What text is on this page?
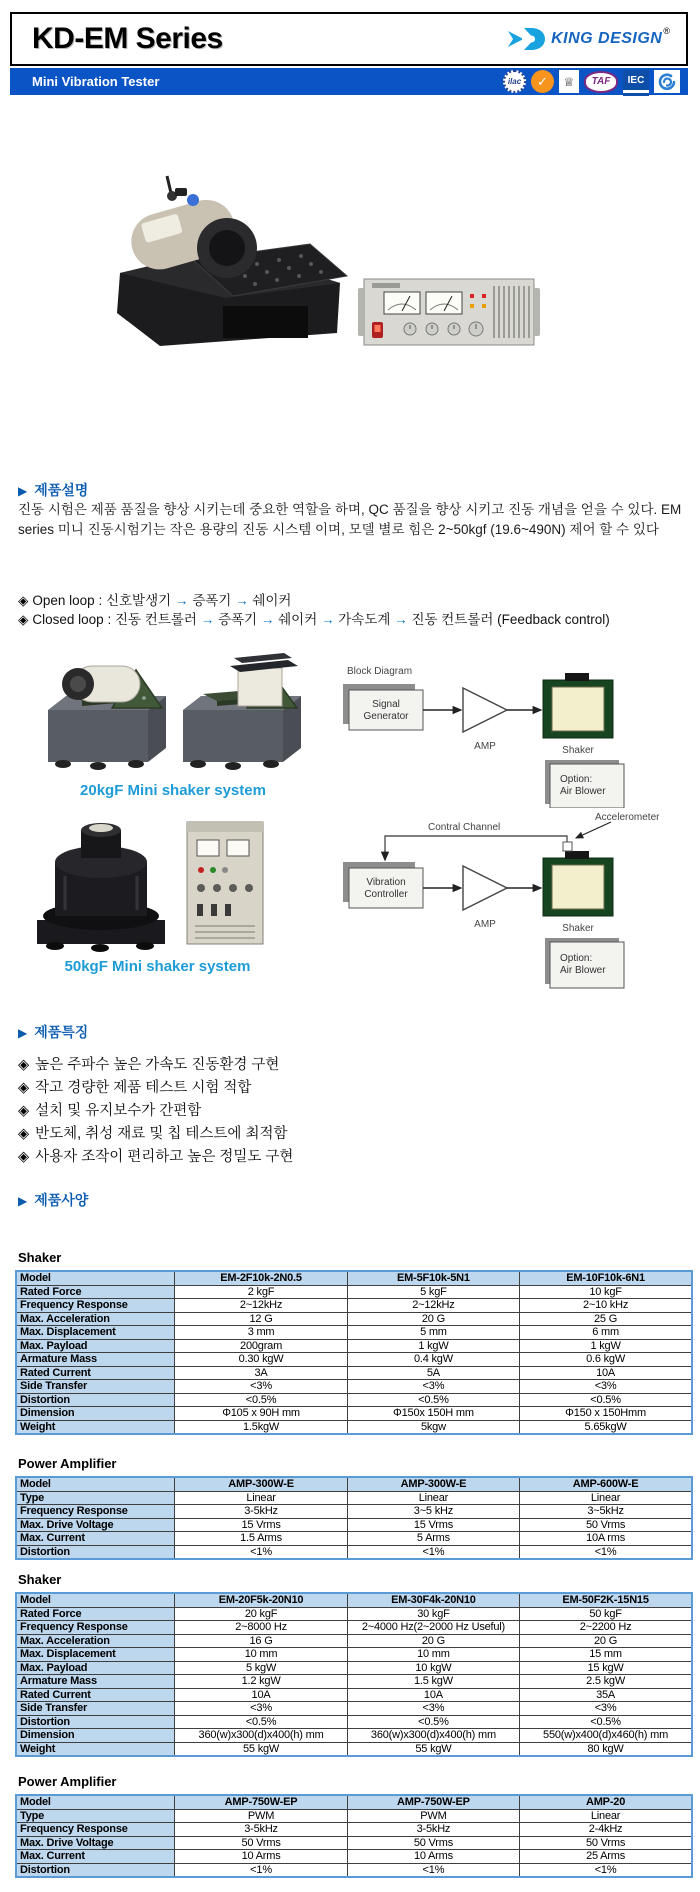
KD-EM Series	KING DESIGN ®
Mini Vibration Tester	ilac	✓	♕	TAF	IEC
▶ 제품설명

진동 시험은 제품 품질을 향상 시키는데 중요한 역할을 하며, QC 품질을 향상 시키고 진동 개념을 얻을 수 있다. EM series 미니 진동시험기는 작은 용량의 진동 시스템 이며, 모델 별로 힘은 2~50kgf (19.6~490N) 제어 할 수 있다

◈ Open loop : 신호발생기 → 증폭기 → 쉐이커
◈ Closed loop : 진동 컨트롤러 → 증폭기 → 쉐이커 → 가속도계 → 진동 컨트롤러 (Feedback control)
20kgF Mini shaker system
Block Diagram
Signal
Generator
AMP	Shaker
Option:
Air Blower
50kgF Mini shaker system
Contral Channel
Accelerometer
Vibration
Controller
AMP	Shaker
Option:
Air Blower
▶ 제품특징
◈ 높은 주파수 높은 가속도 진동환경 구현
◈ 작고 경량한 제품 테스트 시험 적합
◈ 설치 및 유지보수가 간편함
◈ 반도체, 취성 재료 및 칩 테스트에 최적함
◈ 사용자 조작이 편리하고 높은 정밀도 구현
▶ 제품사양
Shaker
Model	EM-2F10k-2N0.5	EM-5F10k-5N1	EM-10F10k-6N1
Rated Force	2 kgF	5 kgF	10 kgF
Frequency Response	2~12kHz	2~12kHz	2~10 kHz
Max. Acceleration	12 G	20 G	25 G
Max. Displacement	3 mm	5 mm	6 mm
Max. Payload	200gram	1 kgW	1 kgW
Armature Mass	0.30 kgW	0.4 kgW	0.6 kgW
Rated Current	3A	5A	10A
Side Transfer	<3%	<3%	<3%
Distortion	<0.5%	<0.5%	<0.5%
Dimension	Φ105 x 90H mm	Φ150x 150H mm	Φ150 x 150Hmm
Weight	1.5kgW	5kgw	5.65kgW
Power Amplifier
Model	AMP-300W-E	AMP-300W-E	AMP-600W-E
Type	Linear	Linear	Linear
Frequency Response	3-5kHz	3~5 kHz	3~5kHz
Max. Drive Voltage	15 Vrms	15 Vrms	50 Vrms
Max. Current	1.5 Arms	5 Arms	10A rms
Distortion	<1%	<1%	<1%
Shaker
Model	EM-20F5k-20N10	EM-30F4k-20N10	EM-50F2K-15N15
Rated Force	20 kgF	30 kgF	50 kgF
Frequency Response	2~8000 Hz	2~4000 Hz(2~2000 Hz Useful)	2~2200 Hz
Max. Acceleration	16 G	20 G	20 G
Max. Displacement	10 mm	10 mm	15 mm
Max. Payload	5 kgW	10 kgW	15 kgW
Armature Mass	1.2 kgW	1.5 kgW	2.5 kgW
Rated Current	10A	10A	35A
Side Transfer	<3%	<3%	<3%
Distortion	<0.5%	<0.5%	<0.5%
Dimension	360(w)x300(d)x400(h) mm	360(w)x300(d)x400(h) mm	550(w)x400(d)x460(h) mm
Weight	55 kgW	55 kgW	80 kgW
Power Amplifier
Model	AMP-750W-EP	AMP-750W-EP	AMP-20
Type	PWM	PWM	Linear
Frequency Response	3-5kHz	3-5kHz	2-4kHz
Max. Drive Voltage	50 Vrms	50 Vrms	50 Vrms
Max. Current	10 Arms	10 Arms	25 Arms
Distortion	<1%	<1%	<1%
